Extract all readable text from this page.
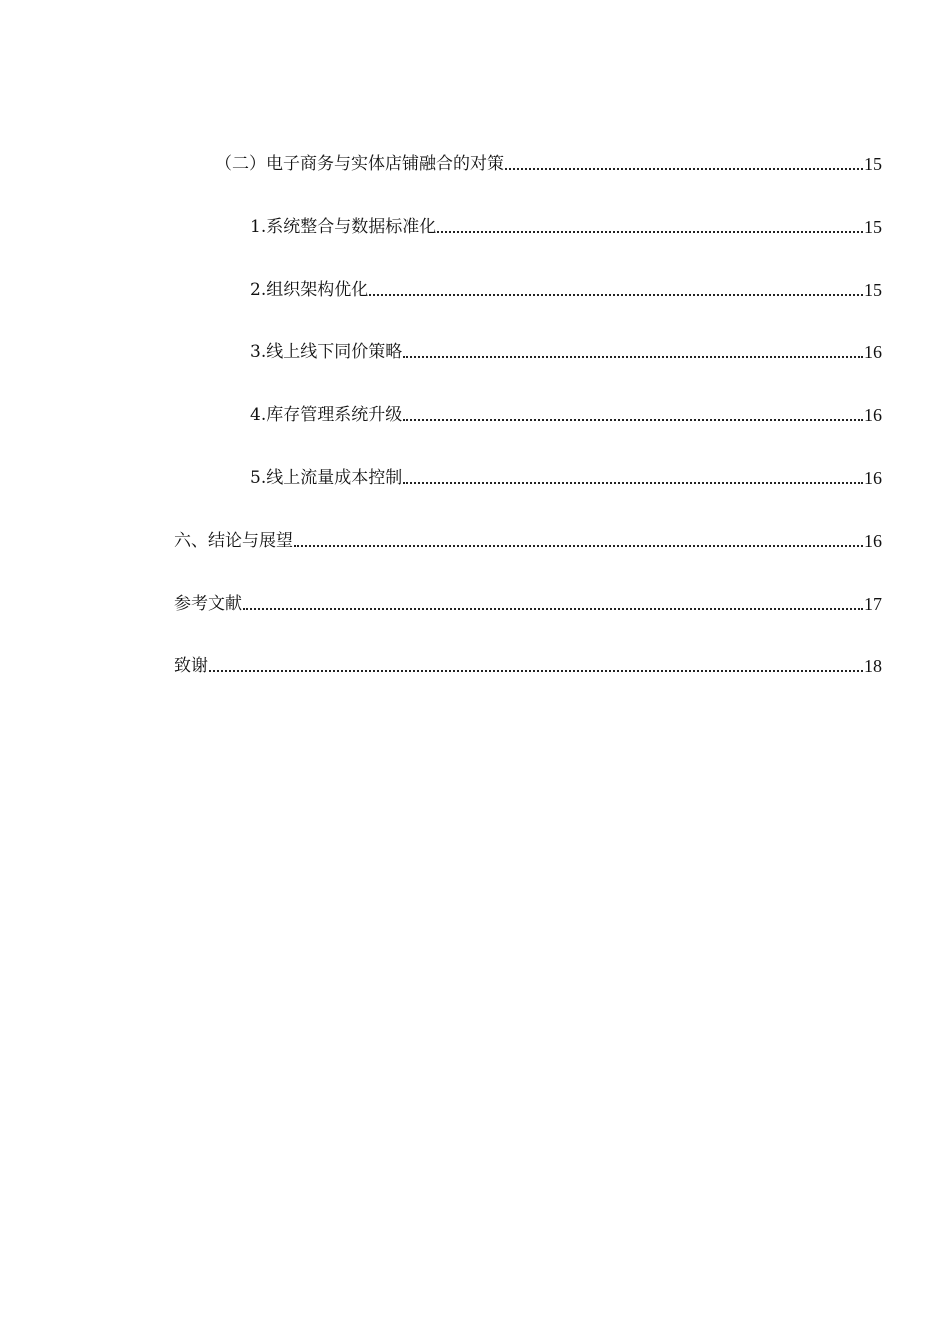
（二）电子商务与实体店铺融合的对策	15
1.系统整合与数据标准化	15
2.组织架构优化	15
3.线上线下同价策略	16
4.库存管理系统升级	16
5.线上流量成本控制	16
六、结论与展望	16
参考文献	17
致谢	18
